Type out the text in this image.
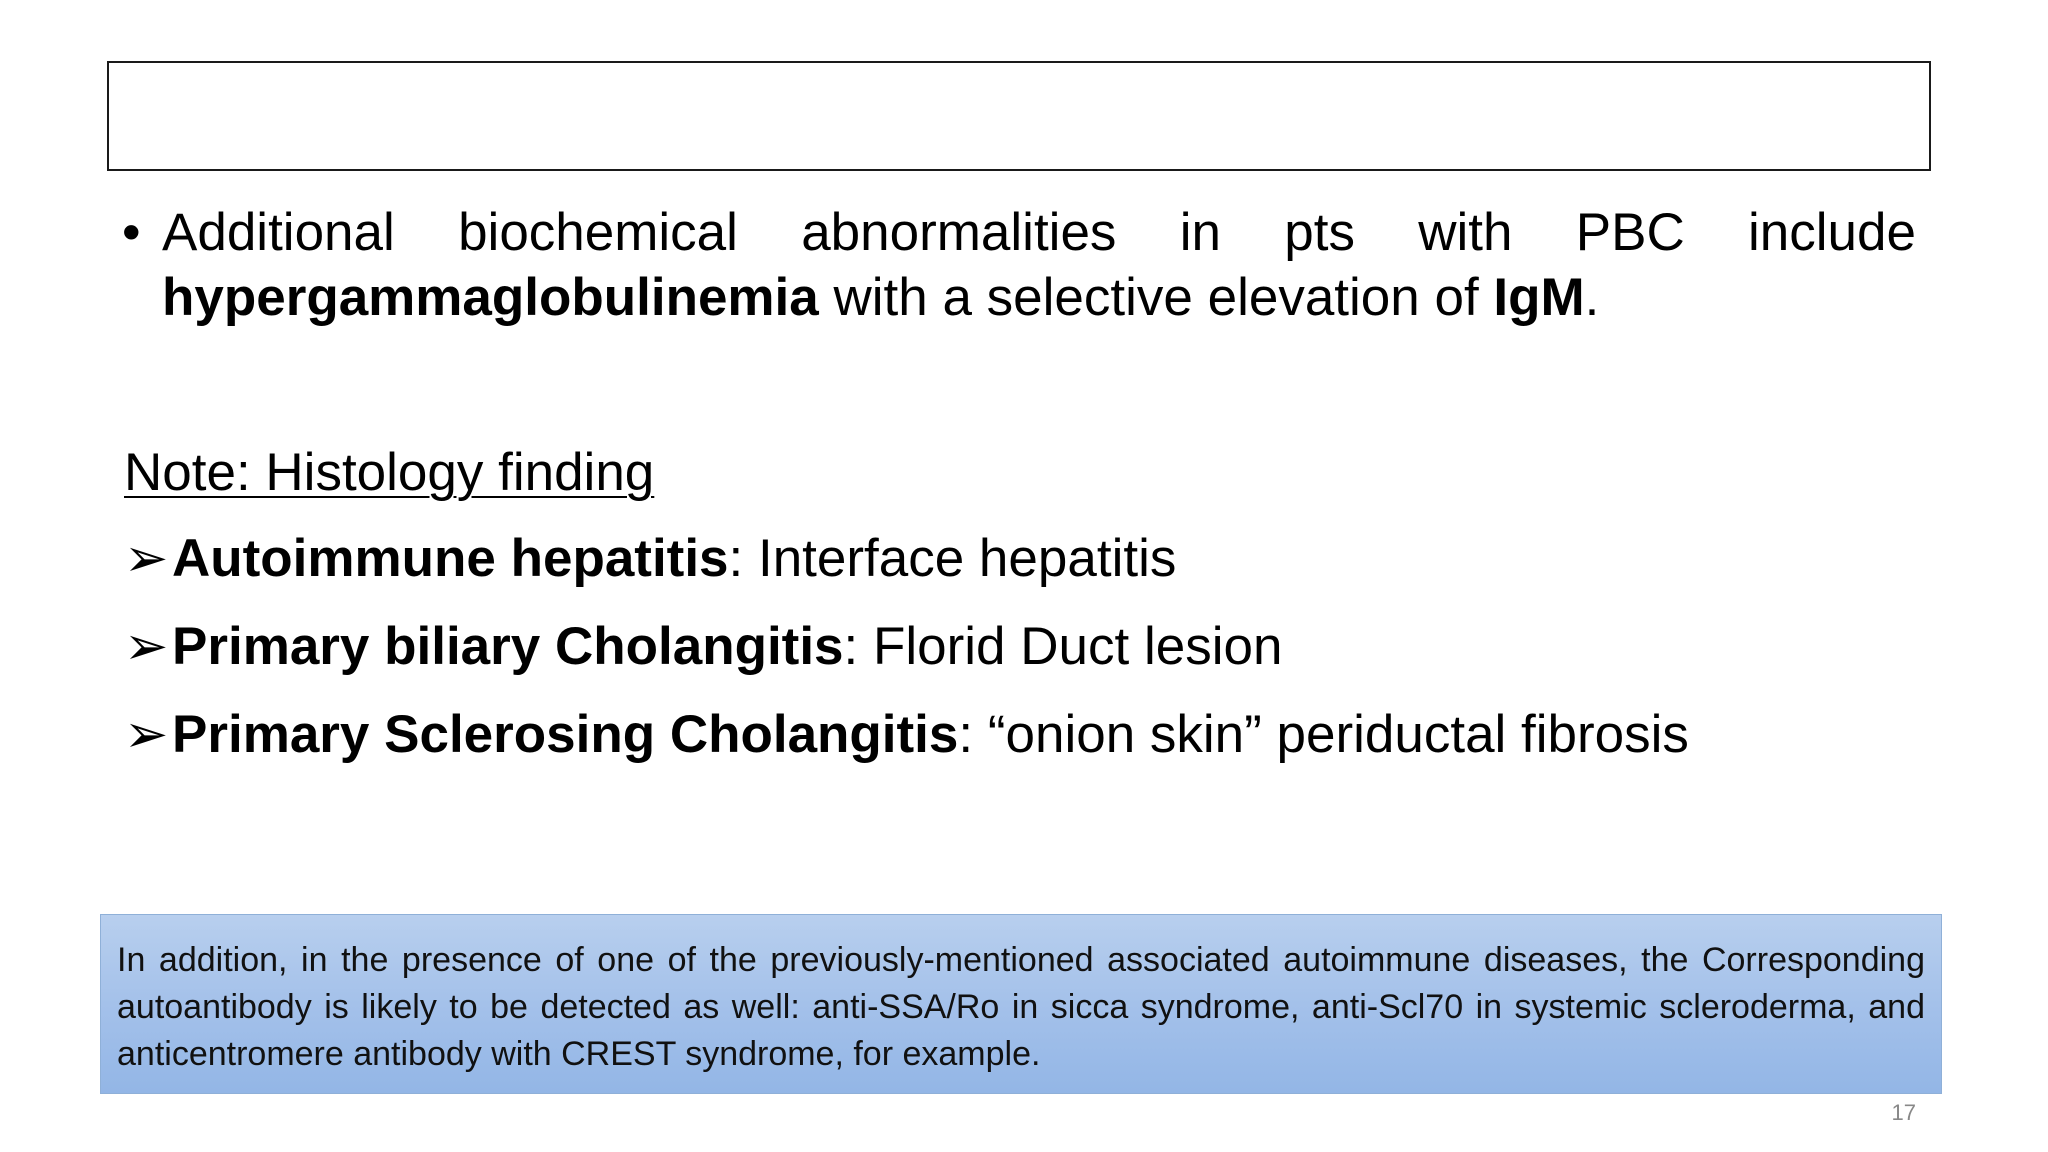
• Additional biochemical abnormalities in pts with PBC include hypergammaglobulinemia with a selective elevation of IgM.
Note: Histology finding
➢ Autoimmune hepatitis: Interface hepatitis
➢ Primary biliary Cholangitis: Florid Duct lesion
➢ Primary Sclerosing Cholangitis: “onion skin” periductal fibrosis
In addition, in the presence of one of the previously-mentioned associated autoimmune diseases, the Corresponding autoantibody is likely to be detected as well: anti-SSA/Ro in sicca syndrome, anti-Scl70 in systemic scleroderma, and anticentromere antibody with CREST syndrome, for example.
17
